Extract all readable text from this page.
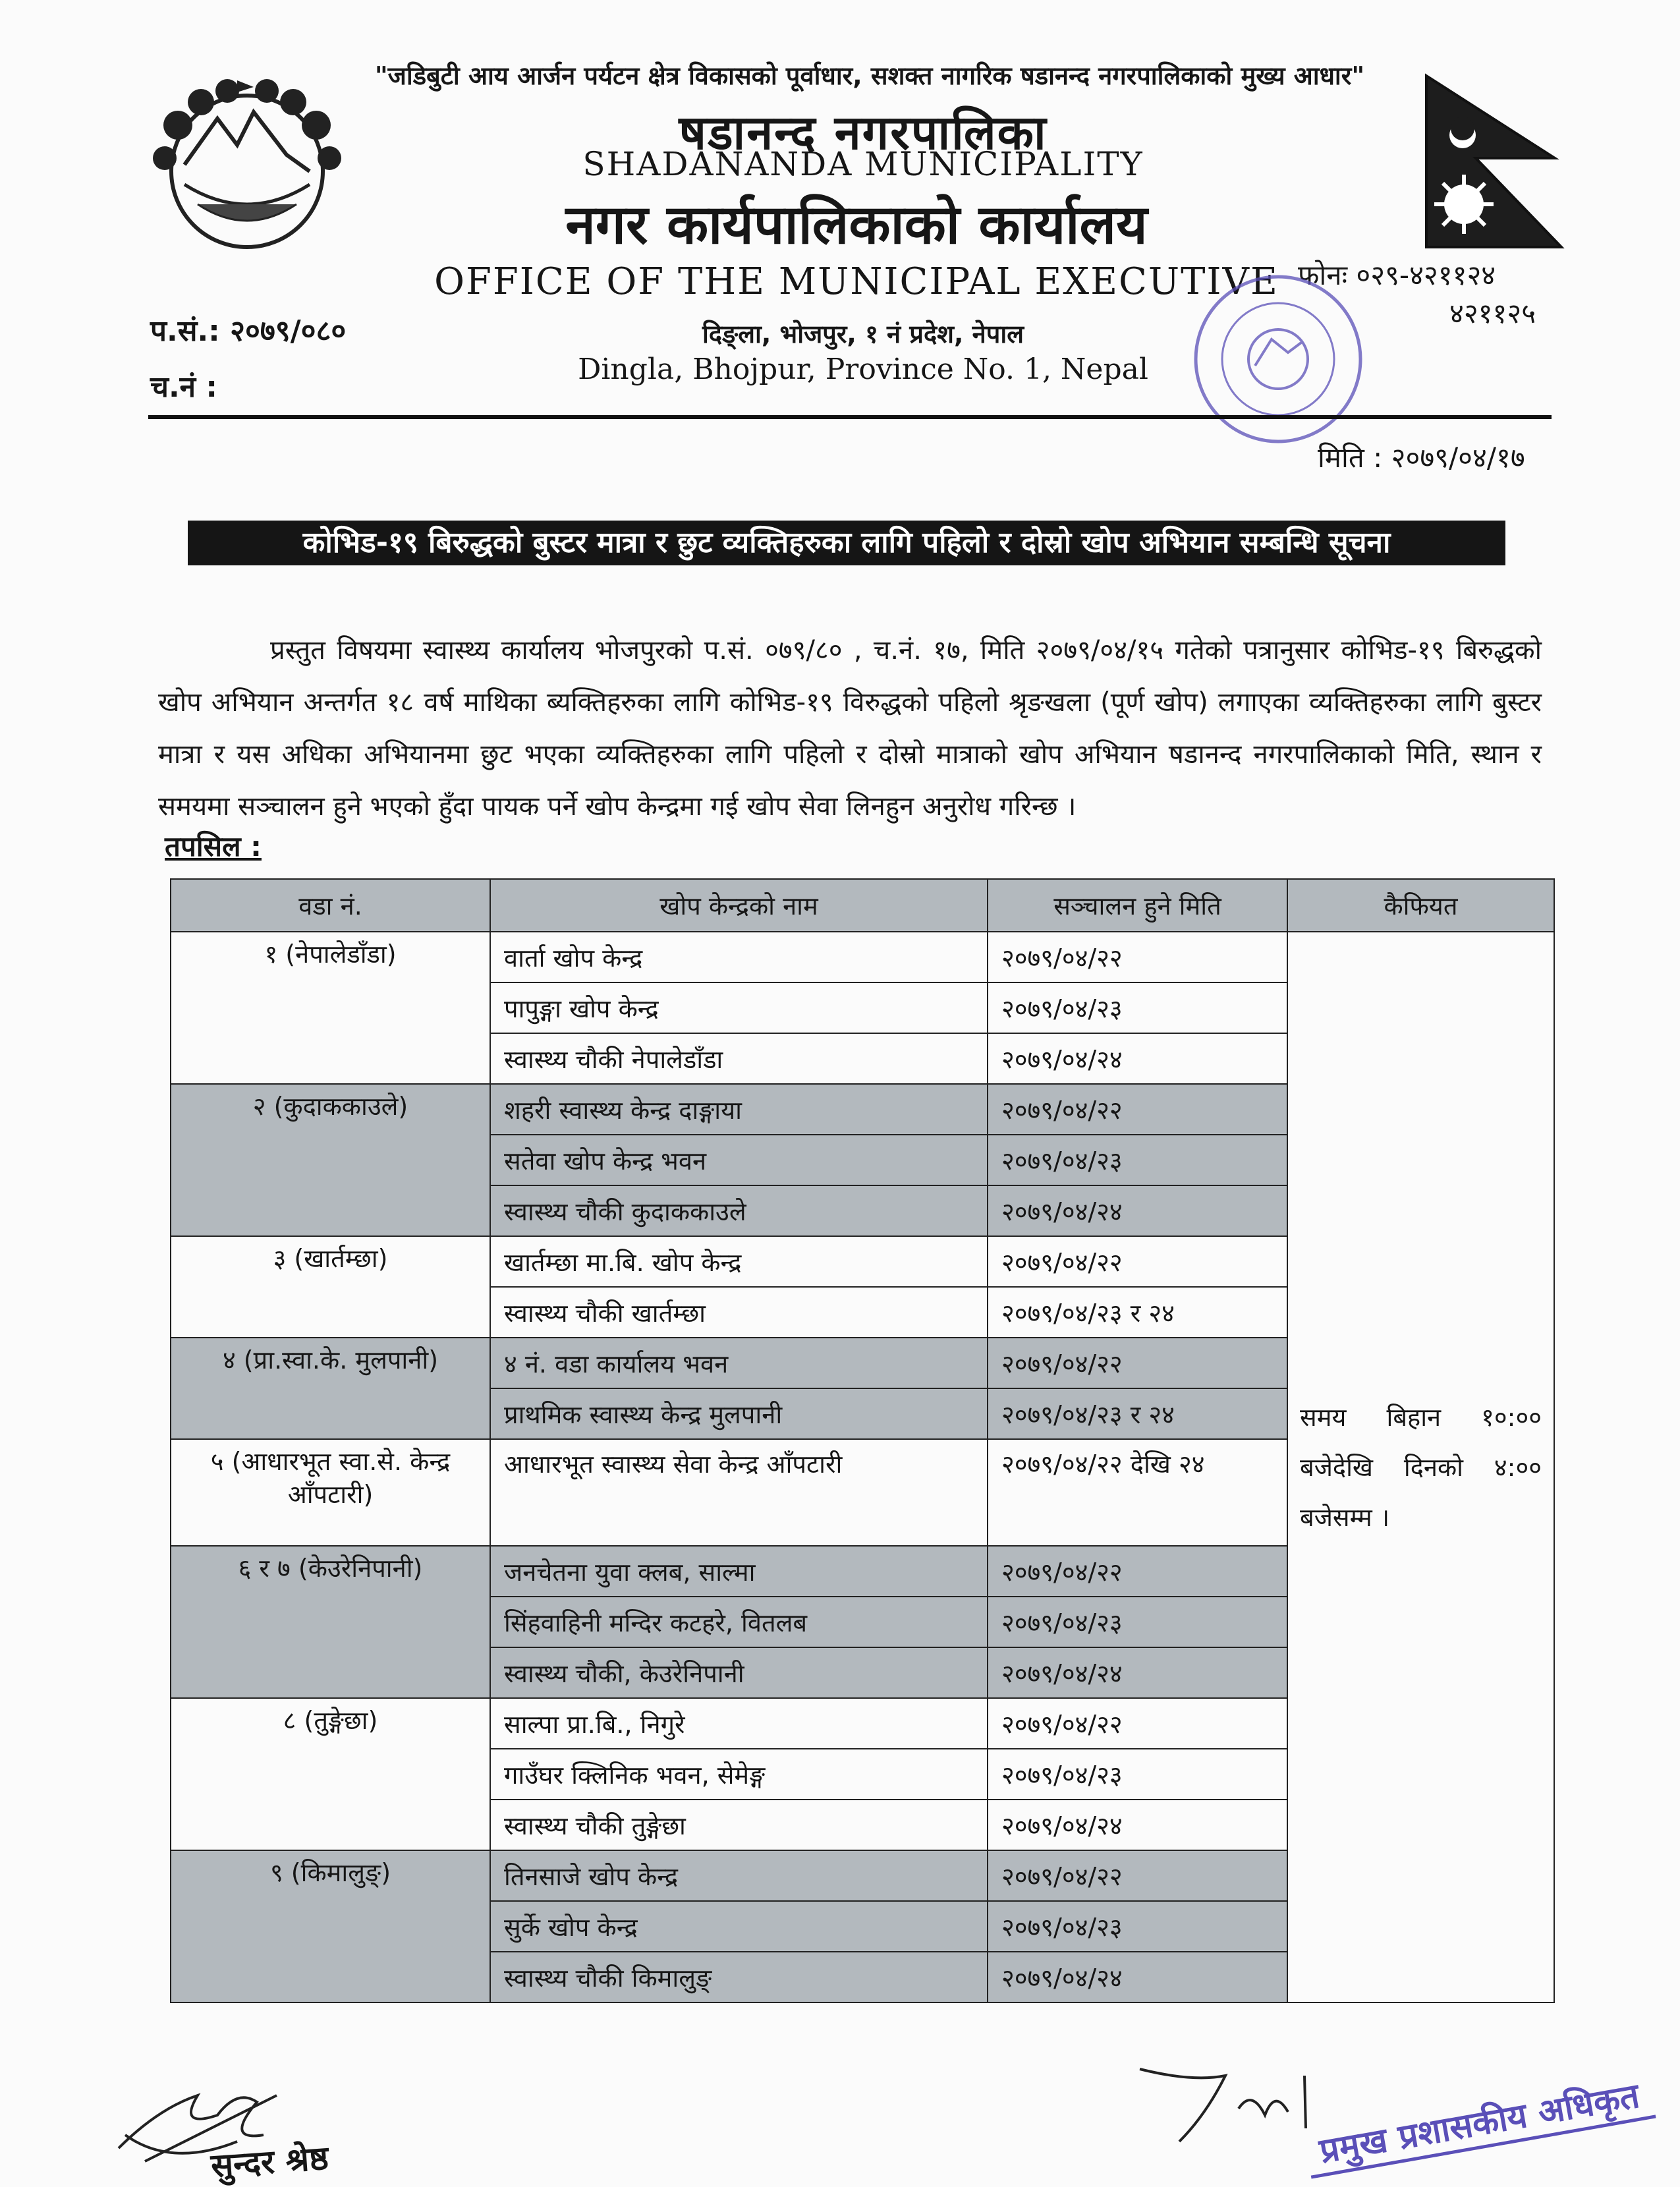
"जडिबुटी आय आर्जन पर्यटन क्षेत्र विकासको पूर्वाधार, सशक्त नागरिक षडानन्द नगरपालिकाको मुख्य आधार"
षडानन्द नगरपालिका
SHADANANDA MUNICIPALITY
नगर कार्यपालिकाको कार्यालय
OFFICE OF THE MUNICIPAL EXECUTIVE
दिङ्ला, भोजपुर, १ नं प्रदेश, नेपाल
Dingla, Bhojpur, Province No. 1, Nepal
प.सं.: २०७९/०८०
च.नं :
फोनः ०२९-४२११२४
४२११२५
मिति : २०७९/०४/१७
कोभिड-१९ बिरुद्धको बुस्टर मात्रा र छुट व्यक्तिहरुका लागि पहिलो र दोस्रो खोप अभियान सम्बन्धि सूचना
प्रस्तुत विषयमा स्वास्थ्य कार्यालय भोजपुरको प.सं. ०७९/८० , च.नं. १७, मिति २०७९/०४/१५ गतेको पत्रानुसार कोभिड-१९ बिरुद्धको खोप अभियान अन्तर्गत १८ वर्ष माथिका ब्यक्तिहरुका लागि कोभिड-१९ विरुद्धको पहिलो श्रृङखला (पूर्ण खोप) लगाएका व्यक्तिहरुका लागि बुस्टर मात्रा र यस अधिका अभियानमा छुट भएका व्यक्तिहरुका लागि पहिलो र दोस्रो मात्राको खोप अभियान षडानन्द नगरपालिकाको मिति, स्थान र समयमा सञ्चालन हुने भएको हुँदा पायक पर्ने खोप केन्द्रमा गई खोप सेवा लिनहुन अनुरोध गरिन्छ ।
तपसिल :
वडा नं.	खोप केन्द्रको नाम	सञ्चालन हुने मिति	कैफियत
१ (नेपालेडाँडा)	वार्ता खोप केन्द्र	२०७९/०४/२२	समय बिहान १०:०० बजेदेखि दिनको ४:०० बजेसम्म ।
	पापुङ्गा खोप केन्द्र	२०७९/०४/२३	
	स्वास्थ्य चौकी नेपालेडाँडा	२०७९/०४/२४	
२ (कुदाककाउले)	शहरी स्वास्थ्य केन्द्र दाङ्गाया	२०७९/०४/२२	
	सतेवा खोप केन्द्र भवन	२०७९/०४/२३	
	स्वास्थ्य चौकी कुदाककाउले	२०७९/०४/२४	
३ (खार्तम्छा)	खार्तम्छा मा.बि. खोप केन्द्र	२०७९/०४/२२	
	स्वास्थ्य चौकी खार्तम्छा	२०७९/०४/२३ र २४	
४ (प्रा.स्वा.के. मुलपानी)	४ नं. वडा कार्यालय भवन	२०७९/०४/२२	
	प्राथमिक स्वास्थ्य केन्द्र मुलपानी	२०७९/०४/२३ र २४	
५ (आधारभूत स्वा.से. केन्द्र आँपटारी)	आधारभूत स्वास्थ्य सेवा केन्द्र आँपटारी	२०७९/०४/२२ देखि २४	
६ र ७ (केउरेनिपानी)	जनचेतना युवा क्लब, साल्मा	२०७९/०४/२२	
	सिंहवाहिनी मन्दिर कटहरे, वितलब	२०७९/०४/२३	
	स्वास्थ्य चौकी, केउरेनिपानी	२०७९/०४/२४	
८ (तुङ्गेछा)	साल्पा प्रा.बि., निगुरे	२०७९/०४/२२	
	गाउँघर क्लिनिक भवन, सेमेङ्ग	२०७९/०४/२३	
	स्वास्थ्य चौकी तुङ्गेछा	२०७९/०४/२४	
९ (किमालुङ्)	तिनसाजे खोप केन्द्र	२०७९/०४/२२	
	सुर्के खोप केन्द्र	२०७९/०४/२३	
	स्वास्थ्य चौकी किमालुङ्	२०७९/०४/२४	
सुन्दर श्रेष्ठ	प्रमुख प्रशासकीय अधिकृत
